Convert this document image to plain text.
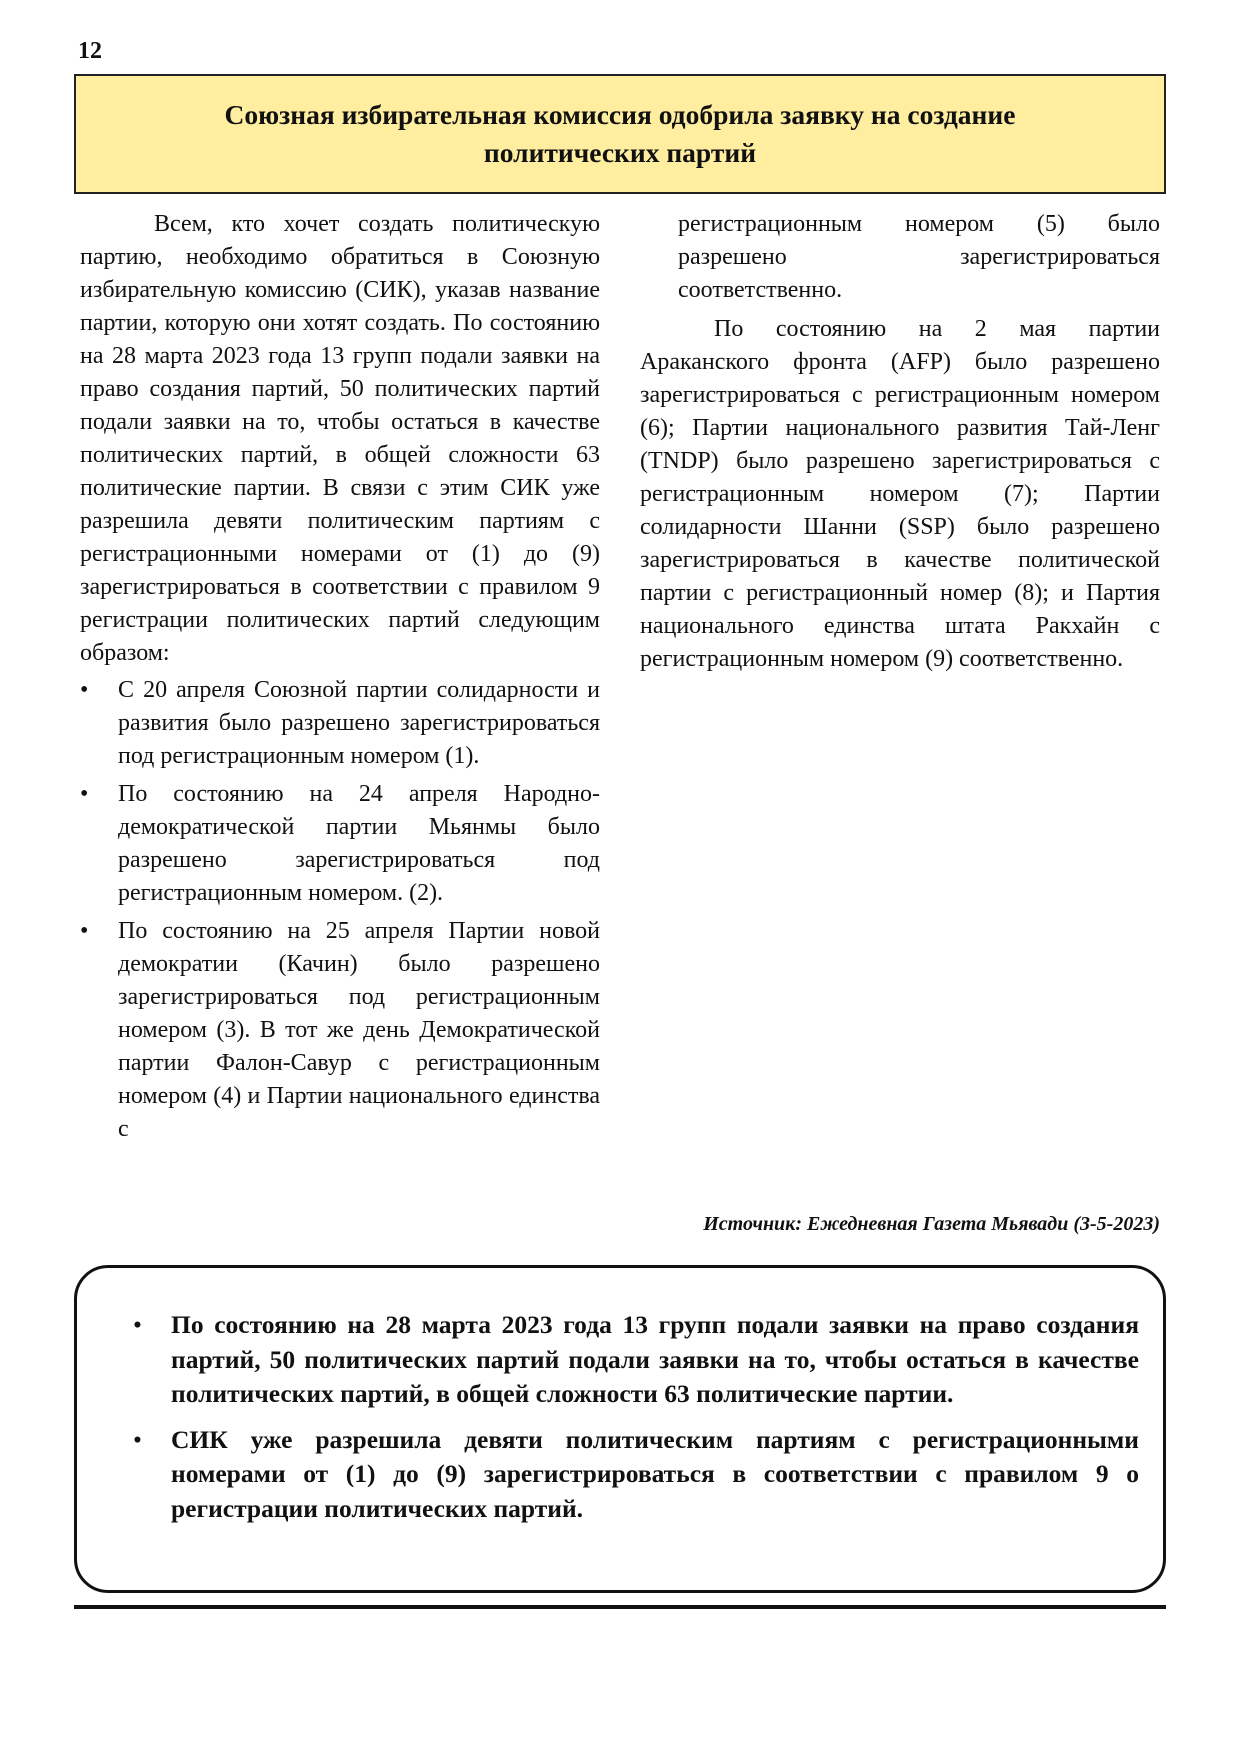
12
Союзная избирательная комиссия одобрила заявку на создание
политических партий

Всем, кто хочет создать политическую партию, необходимо обратиться в Союзную избирательную комиссию (СИК), указав название партии, которую они хотят создать. По состоянию на 28 марта 2023 года 13 групп подали заявки на право создания партий, 50 политических партий подали заявки на то, чтобы остаться в качестве политических партий, в общей сложности 63 политические партии. В связи с этим СИК уже разрешила девяти политическим партиям с регистрационными номерами от (1) до (9) зарегистрироваться в соответствии с правилом 9 регистрации политических партий следующим образом:

• С 20 апреля Союзной партии солидарности и развития было разрешено зарегистрироваться под регистрационным номером (1).
• По состоянию на 24 апреля Народно-демократической партии Мьянмы было разрешено зарегистрироваться под регистрационным номером. (2).
• По состоянию на 25 апреля Партии новой демократии (Качин) было разрешено зарегистрироваться под регистрационным номером (3). В тот же день Демократической партии Фалон-Савур с регистрационным номером (4) и Партии национального единства с

регистрационным номером (5) было разрешено зарегистрироваться соответственно.

По состоянию на 2 мая партии Араканского фронта (AFP) было разрешено зарегистрироваться с регистрационным номером (6); Партии национального развития Тай-Ленг (TNDP) было разрешено зарегистрироваться с регистрационным номером (7); Партии солидарности Шанни (SSP) было разрешено зарегистрироваться в качестве политической партии с регистрационный номер (8); и Партия национального единства штата Ракхайн с регистрационным номером (9) соответственно.

Источник: Ежедневная Газета Мьявади (3-5-2023)
• По состоянию на 28 марта 2023 года 13 групп подали заявки на право создания партий, 50 политических партий подали заявки на то, чтобы остаться в качестве политических партий, в общей сложности 63 политические партии.
• СИК уже разрешила девяти политическим партиям с регистрационными номерами от (1) до (9) зарегистрироваться в соответствии с правилом 9 о регистрации политических партий.
